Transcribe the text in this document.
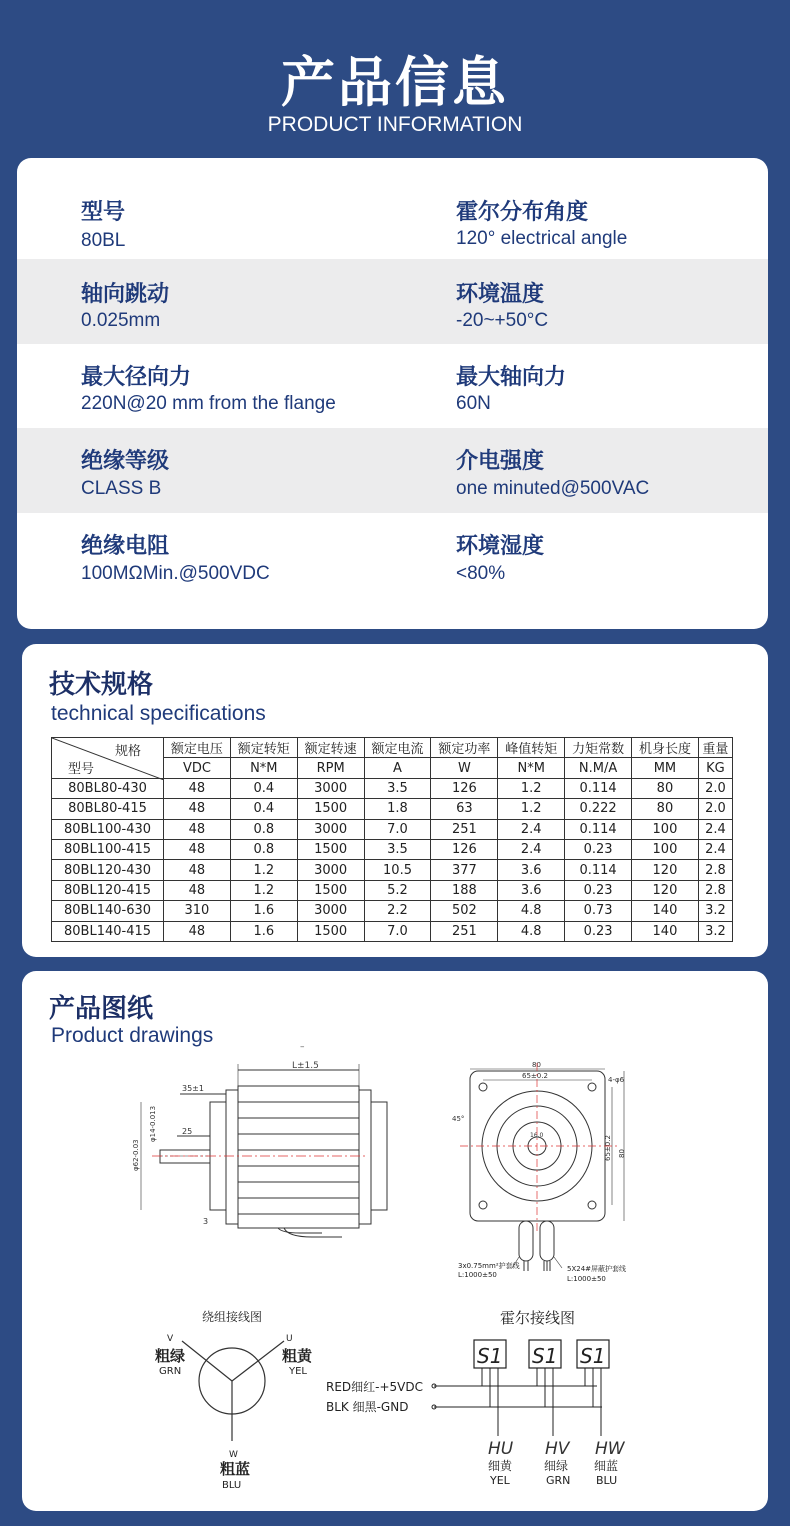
产品信息
PRODUCT INFORMATION
型号
80BL
霍尔分布角度
120° electrical angle
轴向跳动
0.025mm
环境温度
-20~+50°C
最大径向力
220N@20 mm from the flange
最大轴向力
60N
绝缘等级
CLASS B
介电强度
one minuted@500VAC
绝缘电阻
100MΩMin.@500VDC
环境湿度
<80%
技术规格
technical specifications
规格
型号	额定电压	额定转矩	额定转速	额定电流	额定功率	峰值转矩	力矩常数	机身长度	重量
	VDC	N*M	RPM	A	W	N*M	N.M/A	MM	KG
80BL80-430	48	0.4	3000	3.5	126	1.2	0.114	80	2.0
80BL80-415	48	0.4	1500	1.8	63	1.2	0.222	80	2.0
80BL100-430	48	0.8	3000	7.0	251	2.4	0.114	100	2.4
80BL100-415	48	0.8	1500	3.5	126	2.4	0.23	100	2.4
80BL120-430	48	1.2	3000	10.5	377	3.6	0.114	120	2.8
80BL120-415	48	1.2	1500	5.2	188	3.6	0.23	120	2.8
80BL140-630	310	1.6	3000	2.2	502	4.8	0.73	140	3.2
80BL140-415	48	1.6	1500	7.0	251	4.8	0.23	140	3.2
产品图纸
Product drawings	–
L±1.5
35±1
25
φ14-0.013
φ62-0.03
3
80
65±0.2	4-φ6
45°
16.0	65±0.2 80
3x0.75mm²护套线
L:1000±50
5X24#屏蔽护套线
L:1000±50
绕组接线图
V
粗绿
GRN
U
粗黄
YEL
W
粗蓝
BLU
霍尔接线图
S1 S1 S1
RED细红-+5VDC
BLK 细黑-GND
HU
细黄
YEL
HV
细绿
GRN
HW
细蓝
BLU
